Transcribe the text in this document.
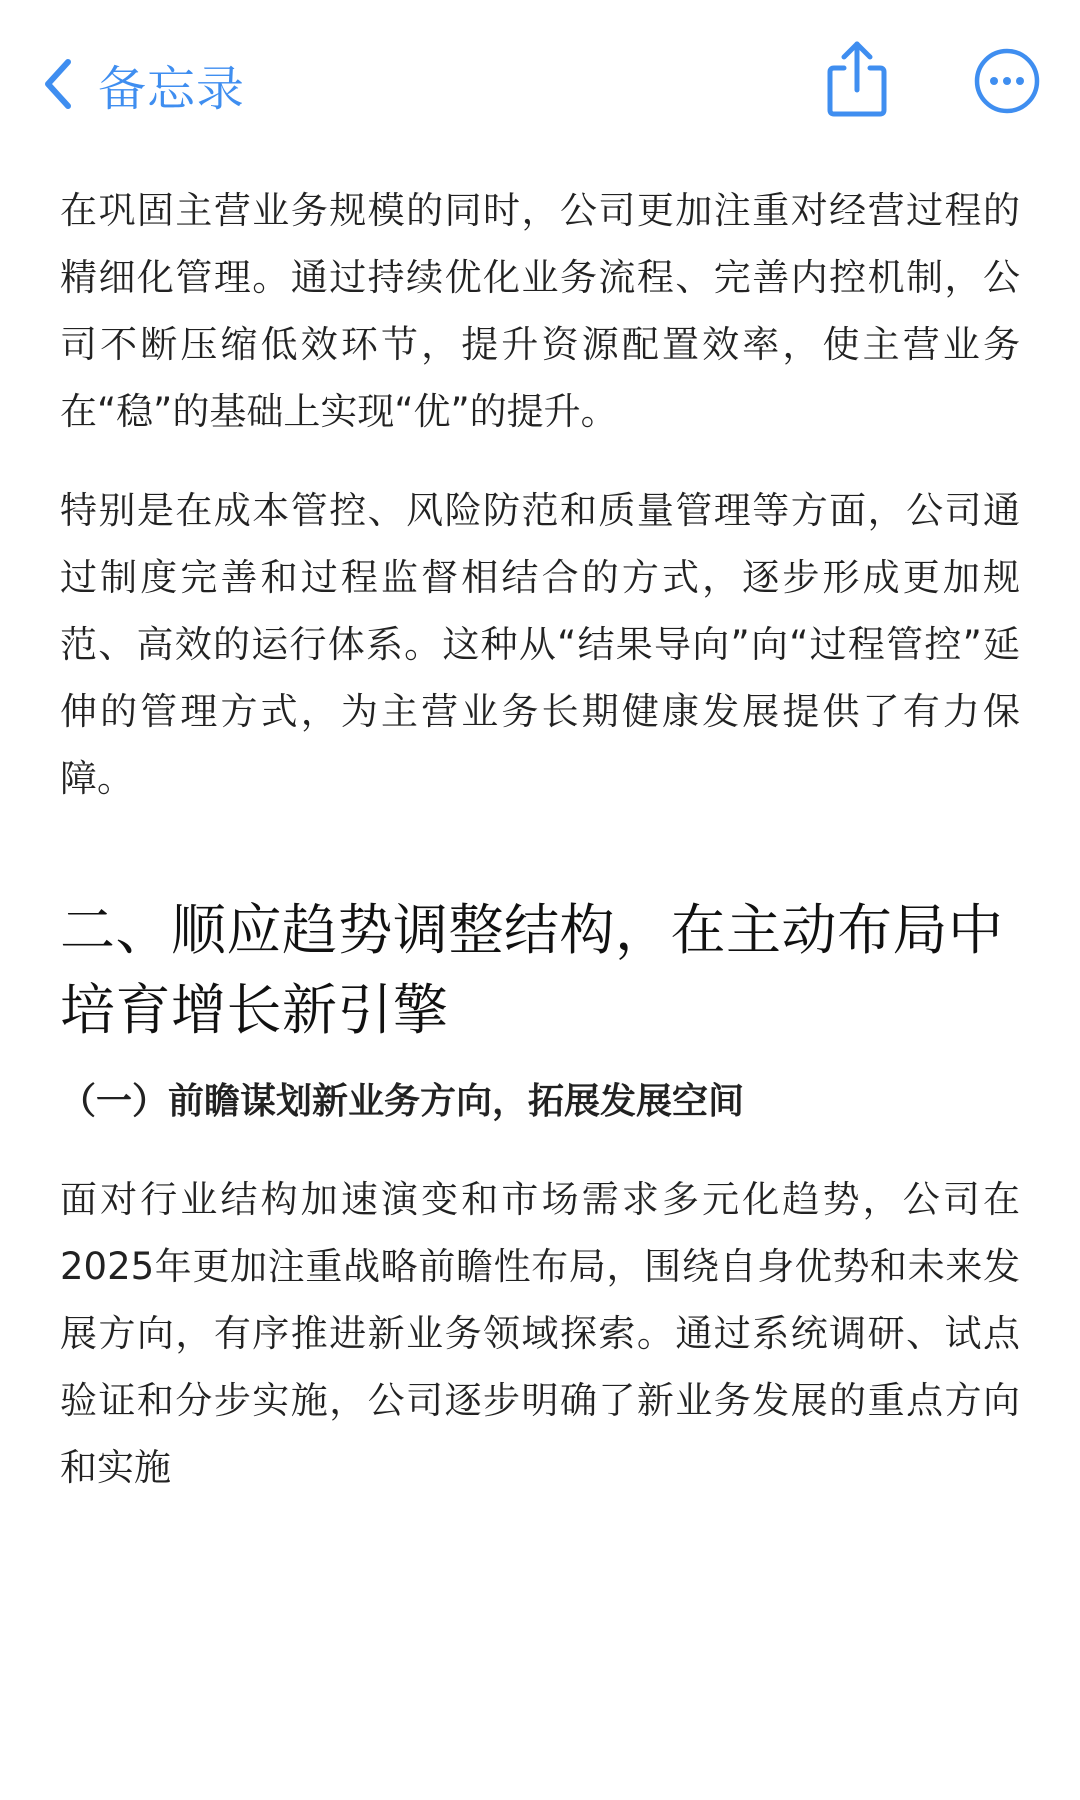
备忘录

在巩固主营业务规模的同时，公司更加注重对经营过程的精细化管理。通过持续优化业务流程、完善内控机制，公司不断压缩低效环节，提升资源配置效率，使主营业务在“稳”的基础上实现“优”的提升。

特别是在成本管控、风险防范和质量管理等方面，公司通过制度完善和过程监督相结合的方式，逐步形成更加规范、高效的运行体系。这种从“结果导向”向“过程管控”延伸的管理方式，为主营业务长期健康发展提供了有力保障。

二、顺应趋势调整结构，在主动布局中培育增长新引擎
（一）前瞻谋划新业务方向，拓展发展空间

面对行业结构加速演变和市场需求多元化趋势，公司在2025年更加注重战略前瞻性布局，围绕自身优势和未来发展方向，有序推进新业务领域探索。通过系统调研、试点验证和分步实施，公司逐步明确了新业务发展的重点方向和实施
